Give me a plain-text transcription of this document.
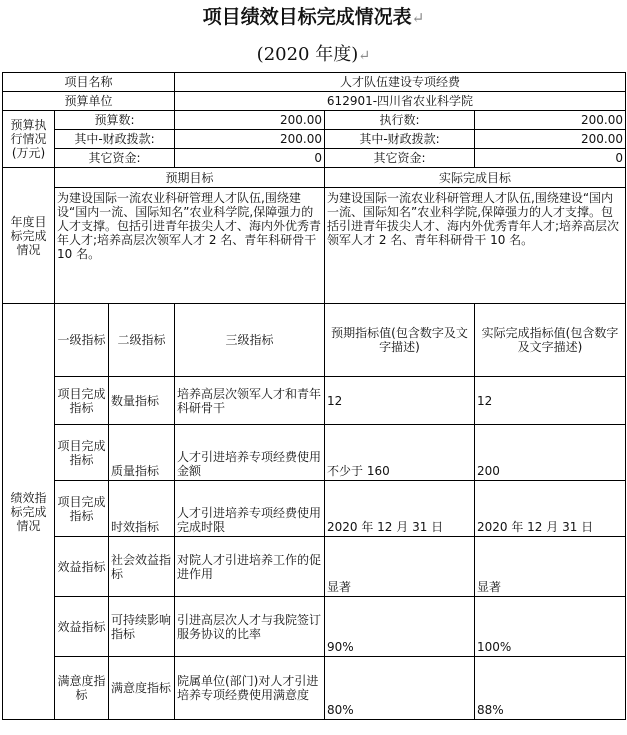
项目绩效目标完成情况表↵
(2020 年度)↵
项目名称			人才队伍建设专项经费		
预算单位			612901-四川省农业科学院		
预算执行情况(万元)	预算数:		200.00	执行数:	200.00
	其中-财政拨款:		200.00	其中-财政拨款:	200.00
	其它资金:		0	其它资金:	0
年度目标完成情况	预期目标			实际完成目标	
	为建设国际一流农业科研管理人才队伍,围绕建设“国内一流、国际知名”农业科学院,保障强力的人才支撑。包括引进青年拔尖人才、海内外优秀青年人才;培养高层次领军人才 2 名、青年科研骨干 10 名。			为建设国际一流农业科研管理人才队伍,围绕建设“国内一流、国际知名”农业科学院,保障强力的人才支撑。包括引进青年拔尖人才、海内外优秀青年人才;培养高层次领军人才 2 名、青年科研骨干 10 名。	
绩效指标完成情况	一级指标	二级指标	三级指标	预期指标值(包含数字及文字描述)	实际完成指标值(包含数字及文字描述)
	项目完成指标	数量指标	培养高层次领军人才和青年科研骨干	12	12
	项目完成指标	质量指标	人才引进培养专项经费使用金额	不少于 160	200
	项目完成指标	时效指标	人才引进培养专项经费使用完成时限	2020 年 12 月 31 日	2020 年 12 月 31 日
	效益指标	社会效益指标	对院人才引进培养工作的促进作用	显著	显著
	效益指标	可持续影响指标	引进高层次人才与我院签订服务协议的比率	90%	100%
	满意度指标	满意度指标	院属单位(部门)对人才引进培养专项经费使用满意度	80%	88%
